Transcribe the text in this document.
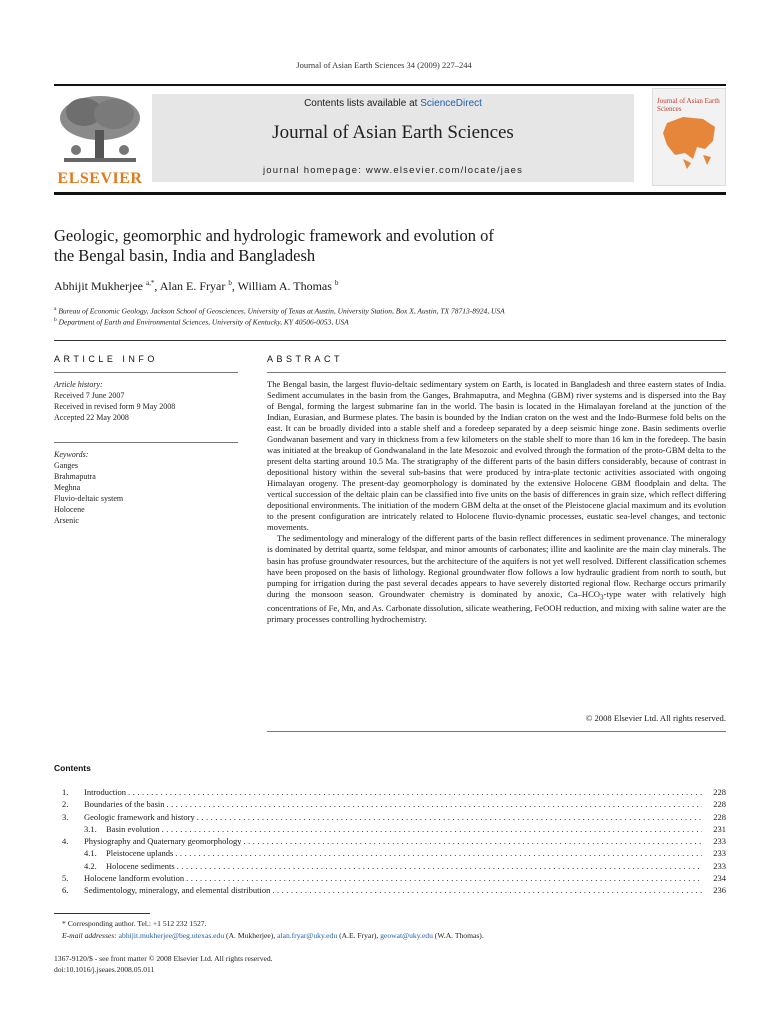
Journal of Asian Earth Sciences 34 (2009) 227–244
ELSEVIER
Contents lists available at ScienceDirect
Journal of Asian Earth Sciences
journal homepage: www.elsevier.com/locate/jaes
Journal of Asian Earth Sciences
Geologic, geomorphic and hydrologic framework and evolution of
the Bengal basin, India and Bangladesh
Abhijit Mukherjee $^{a,*}$, Alan E. Fryar $^b$, William A. Thomas $^b$
$^a$ Bureau of Economic Geology, Jackson School of Geosciences, University of Texas at Austin, University Station, Box X, Austin, TX 78713-8924, USA
$^b$ Department of Earth and Environmental Sciences, University of Kentucky, KY 40506-0053, USA
ARTICLE INFO	ABSTRACT
Article history:
Received 7 June 2007
Received in revised form 9 May 2008
Accepted 22 May 2008
Keywords:
Ganges
Brahmaputra
Meghna
Fluvio-deltaic system
Holocene
Arsenic

The Bengal basin, the largest fluvio-deltaic sedimentary system on Earth, is located in Bangladesh and three eastern states of India. Sediment accumulates in the basin from the Ganges, Brahmaputra, and Meghna (GBM) river systems and is dispersed into the Bay of Bengal, forming the largest submarine fan in the world. The basin is located in the Himalayan foreland at the junction of the Indian, Eurasian, and Burmese plates. The basin is bounded by the Indian craton on the west and the Indo-Burmese fold belts on the east. It can be broadly divided into a stable shelf and a foredeep separated by a deep seismic hinge zone. Basin sediments overlie Gondwanan basement and vary in thickness from a few kilometers on the stable shelf to more than 16 km in the foredeep. The basin was initiated at the breakup of Gondwanaland in the late Mesozoic and evolved through the formation of the proto-GBM delta to the present delta starting around 10.5 Ma. The stratigraphy of the different parts of the basin differs considerably, because of contrast in depositional history within the several sub-basins that were produced by intra-plate tectonic activities associated with ongoing Himalayan orogeny. The present-day geomorphology is dominated by the extensive Holocene GBM floodplain and delta. The vertical succession of the deltaic plain can be classified into five units on the basis of differences in grain size, which reflect differing depositional environments. The initiation of the modern GBM delta at the onset of the Pleistocene glacial maximum and its evolution to the present configuration are intricately related to Holocene fluvio-dynamic processes, eustatic sea-level changes, and tectonic movements.

The sedimentology and mineralogy of the different parts of the basin reflect differences in sediment provenance. The mineralogy is dominated by detrital quartz, some feldspar, and minor amounts of carbonates; illite and kaolinite are the main clay minerals. The basin has profuse groundwater resources, but the architecture of the aquifers is not yet well resolved. Different classification schemes have been proposed on the basis of lithology. Regional groundwater flow follows a low hydraulic gradient from north to south, but pumping for irrigation during the past several decades appears to have severely distorted regional flow. Recharge occurs primarily during the monsoon season. Groundwater chemistry is dominated by anoxic, $Ca-HCO_3$-type water with relatively high concentrations of Fe, Mn, and As. Carbonate dissolution, silicate weathering, FeOOH reduction, and mixing with saline water are the primary processes controlling hydrochemistry.

© 2008 Elsevier Ltd. All rights reserved.
Contents
1.	Introduction . . .	228
2.	Boundaries of the basin . . .	228
3.	Geologic framework and history . . .	228
3.1.	Basin evolution . . .	231
4.	Physiography and Quaternary geomorphology . . .	233
4.1.	Pleistocene uplands . . .	233
4.2.	Holocene sediments . . .	233
5.	Holocene landform evolution . . .	234
6.	Sedimentology, mineralogy, and elemental distribution . . .	236
* Corresponding author. Tel.: +1 512 232 1527.
E-mail addresses: abhijit.mukherjee@beg.utexas.edu (A. Mukherjee), alan.fryar@uky.edu (A.E. Fryar), geowat@uky.edu (W.A. Thomas).
1367-9120/$ - see front matter © 2008 Elsevier Ltd. All rights reserved.
doi:10.1016/j.jseaes.2008.05.011
